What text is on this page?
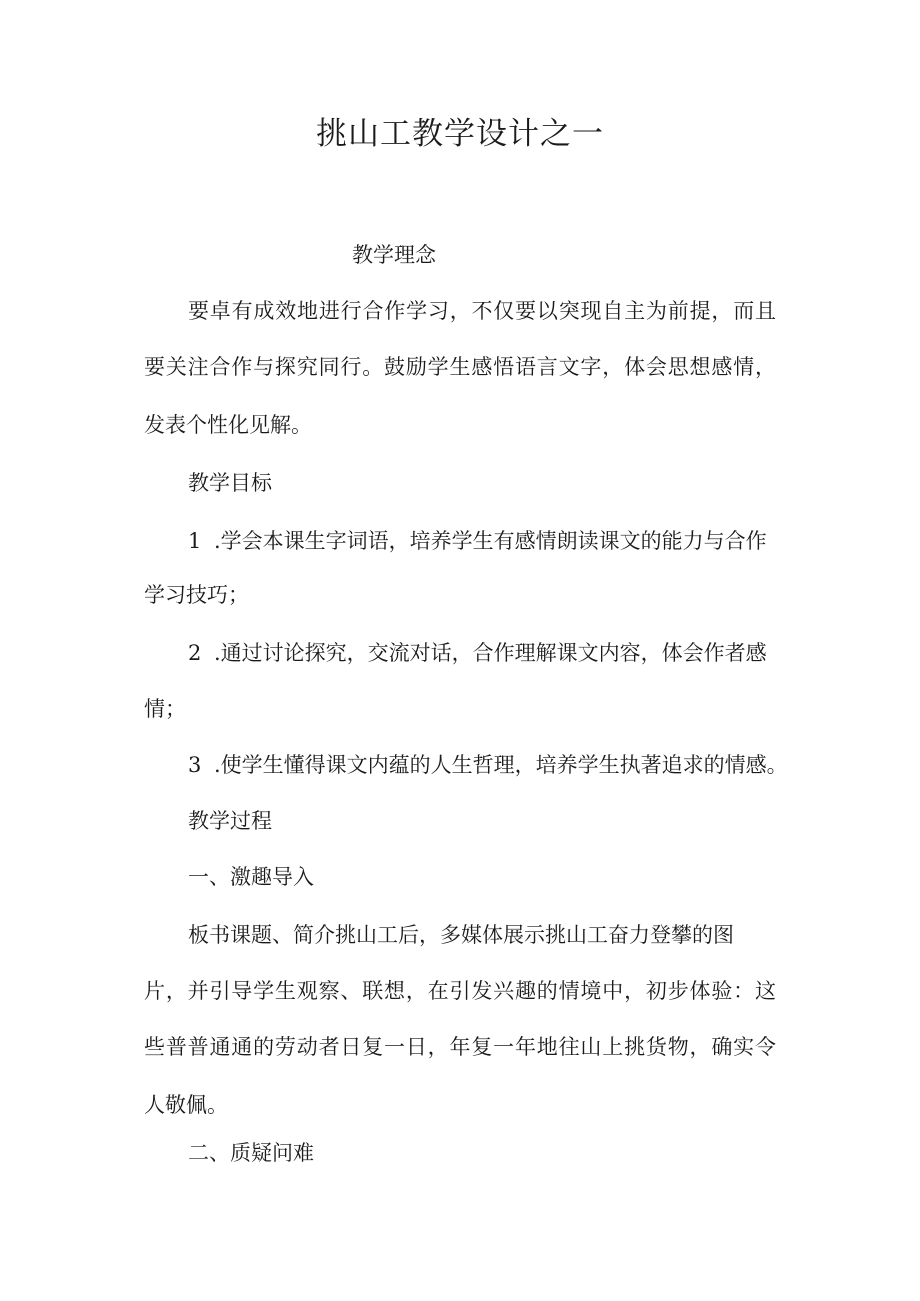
挑山工教学设计之一
教学理念
要卓有成效地进行合作学习，不仅要以突现自主为前提，而且
要关注合作与探究同行。鼓励学生感悟语言文字，体会思想感情，
发表个性化见解。
教学目标
1 .学会本课生字词语，培养学生有感情朗读课文的能力与合作
学习技巧；
2 .通过讨论探究，交流对话，合作理解课文内容，体会作者感
情；
3 .使学生懂得课文内蕴的人生哲理，培养学生执著追求的情感。
教学过程
一、激趣导入
板书课题、简介挑山工后，多媒体展示挑山工奋力登攀的图
片，并引导学生观察、联想，在引发兴趣的情境中，初步体验：这
些普普通通的劳动者日复一日，年复一年地往山上挑货物，确实令
人敬佩。
二、质疑问难
